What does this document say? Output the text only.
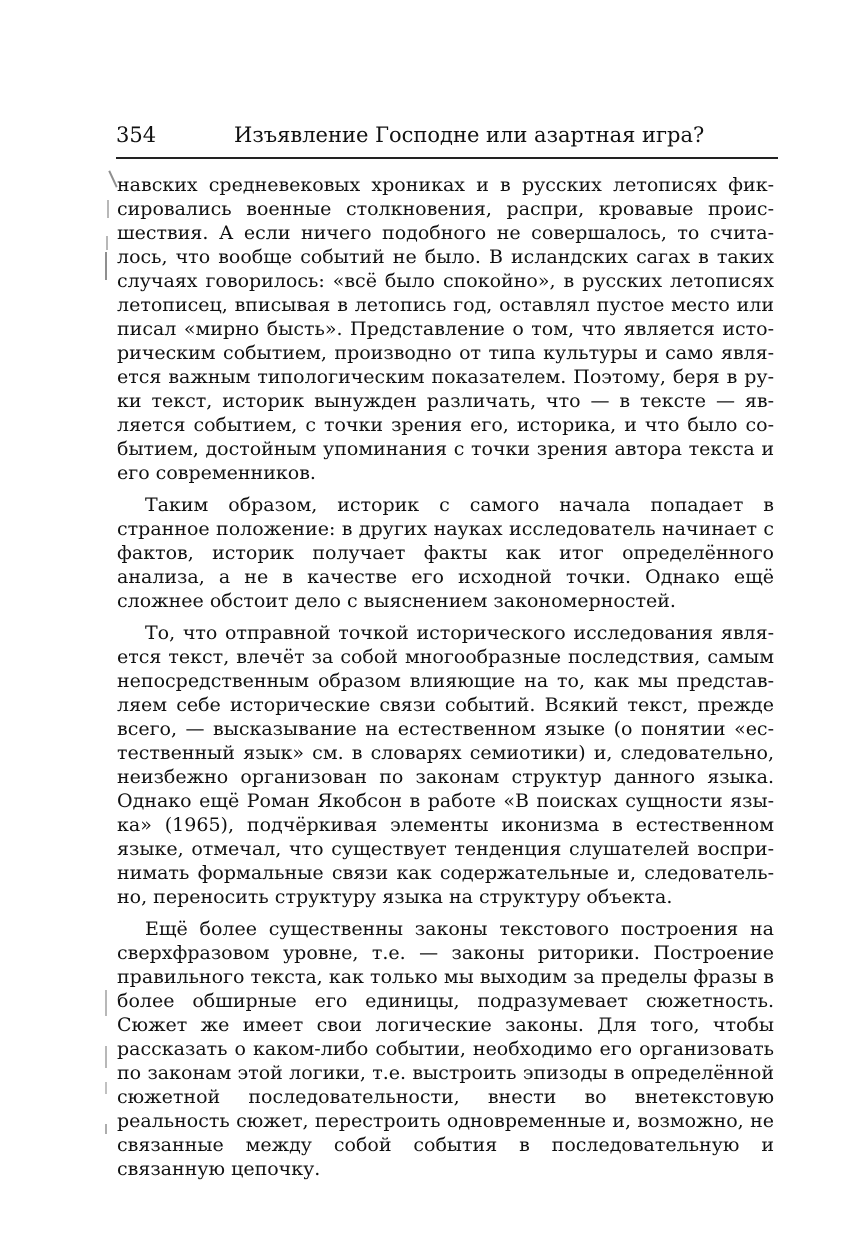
354	Изъявление Господне или азартная игра?

навских средневековых хрониках и в русских летописях фиксировались военные столкновения, распри, кровавые происшествия. А если ничего подобного не совершалось, то считалось, что вообще событий не было. В исландских сагах в таких случаях говорилось: «всё было спокойно», в русских летописях летописец, вписывая в летопись год, оставлял пустое место или писал «мирно бысть». Представление о том, что является историческим событием, производно от типа культуры и само является важным типологическим показателем. Поэтому, беря в руки текст, историк вынужден различать, что — в тексте — является событием, с точки зрения его, историка, и что было событием, достойным упоминания с точки зрения автора текста и его современников.

Таким образом, историк с самого начала попадает в странное положение: в других науках исследователь начинает с фактов, историк получает факты как итог определённого анализа, а не в качестве его исходной точки. Однако ещё сложнее обстоит дело с выяснением закономерностей.

То, что отправной точкой исторического исследования является текст, влечёт за собой многообразные последствия, самым непосредственным образом влияющие на то, как мы представляем себе исторические связи событий. Всякий текст, прежде всего, — высказывание на естественном языке (о понятии «естественный язык» см. в словарях семиотики) и, следовательно, неизбежно организован по законам структур данного языка. Однако ещё Роман Якобсон в работе «В поисках сущности языка» (1965), подчёркивая элементы иконизма в естественном языке, отмечал, что существует тенденция слушателей воспринимать формальные связи как содержательные и, следовательно, переносить структуру языка на структуру объекта.

Ещё более существенны законы текстового построения на сверхфразовом уровне, т.е. — законы риторики. Построение правильного текста, как только мы выходим за пределы фразы в более обширные его единицы, подразумевает сюжетность. Сюжет же имеет свои логические законы. Для того, чтобы рассказать о каком-либо событии, необходимо его организовать по законам этой логики, т.е. выстроить эпизоды в определённой сюжетной последовательности, внести во внетекстовую реальность сюжет, перестроить одновременные и, возможно, не связанные между собой события в последовательную и связанную цепочку.
